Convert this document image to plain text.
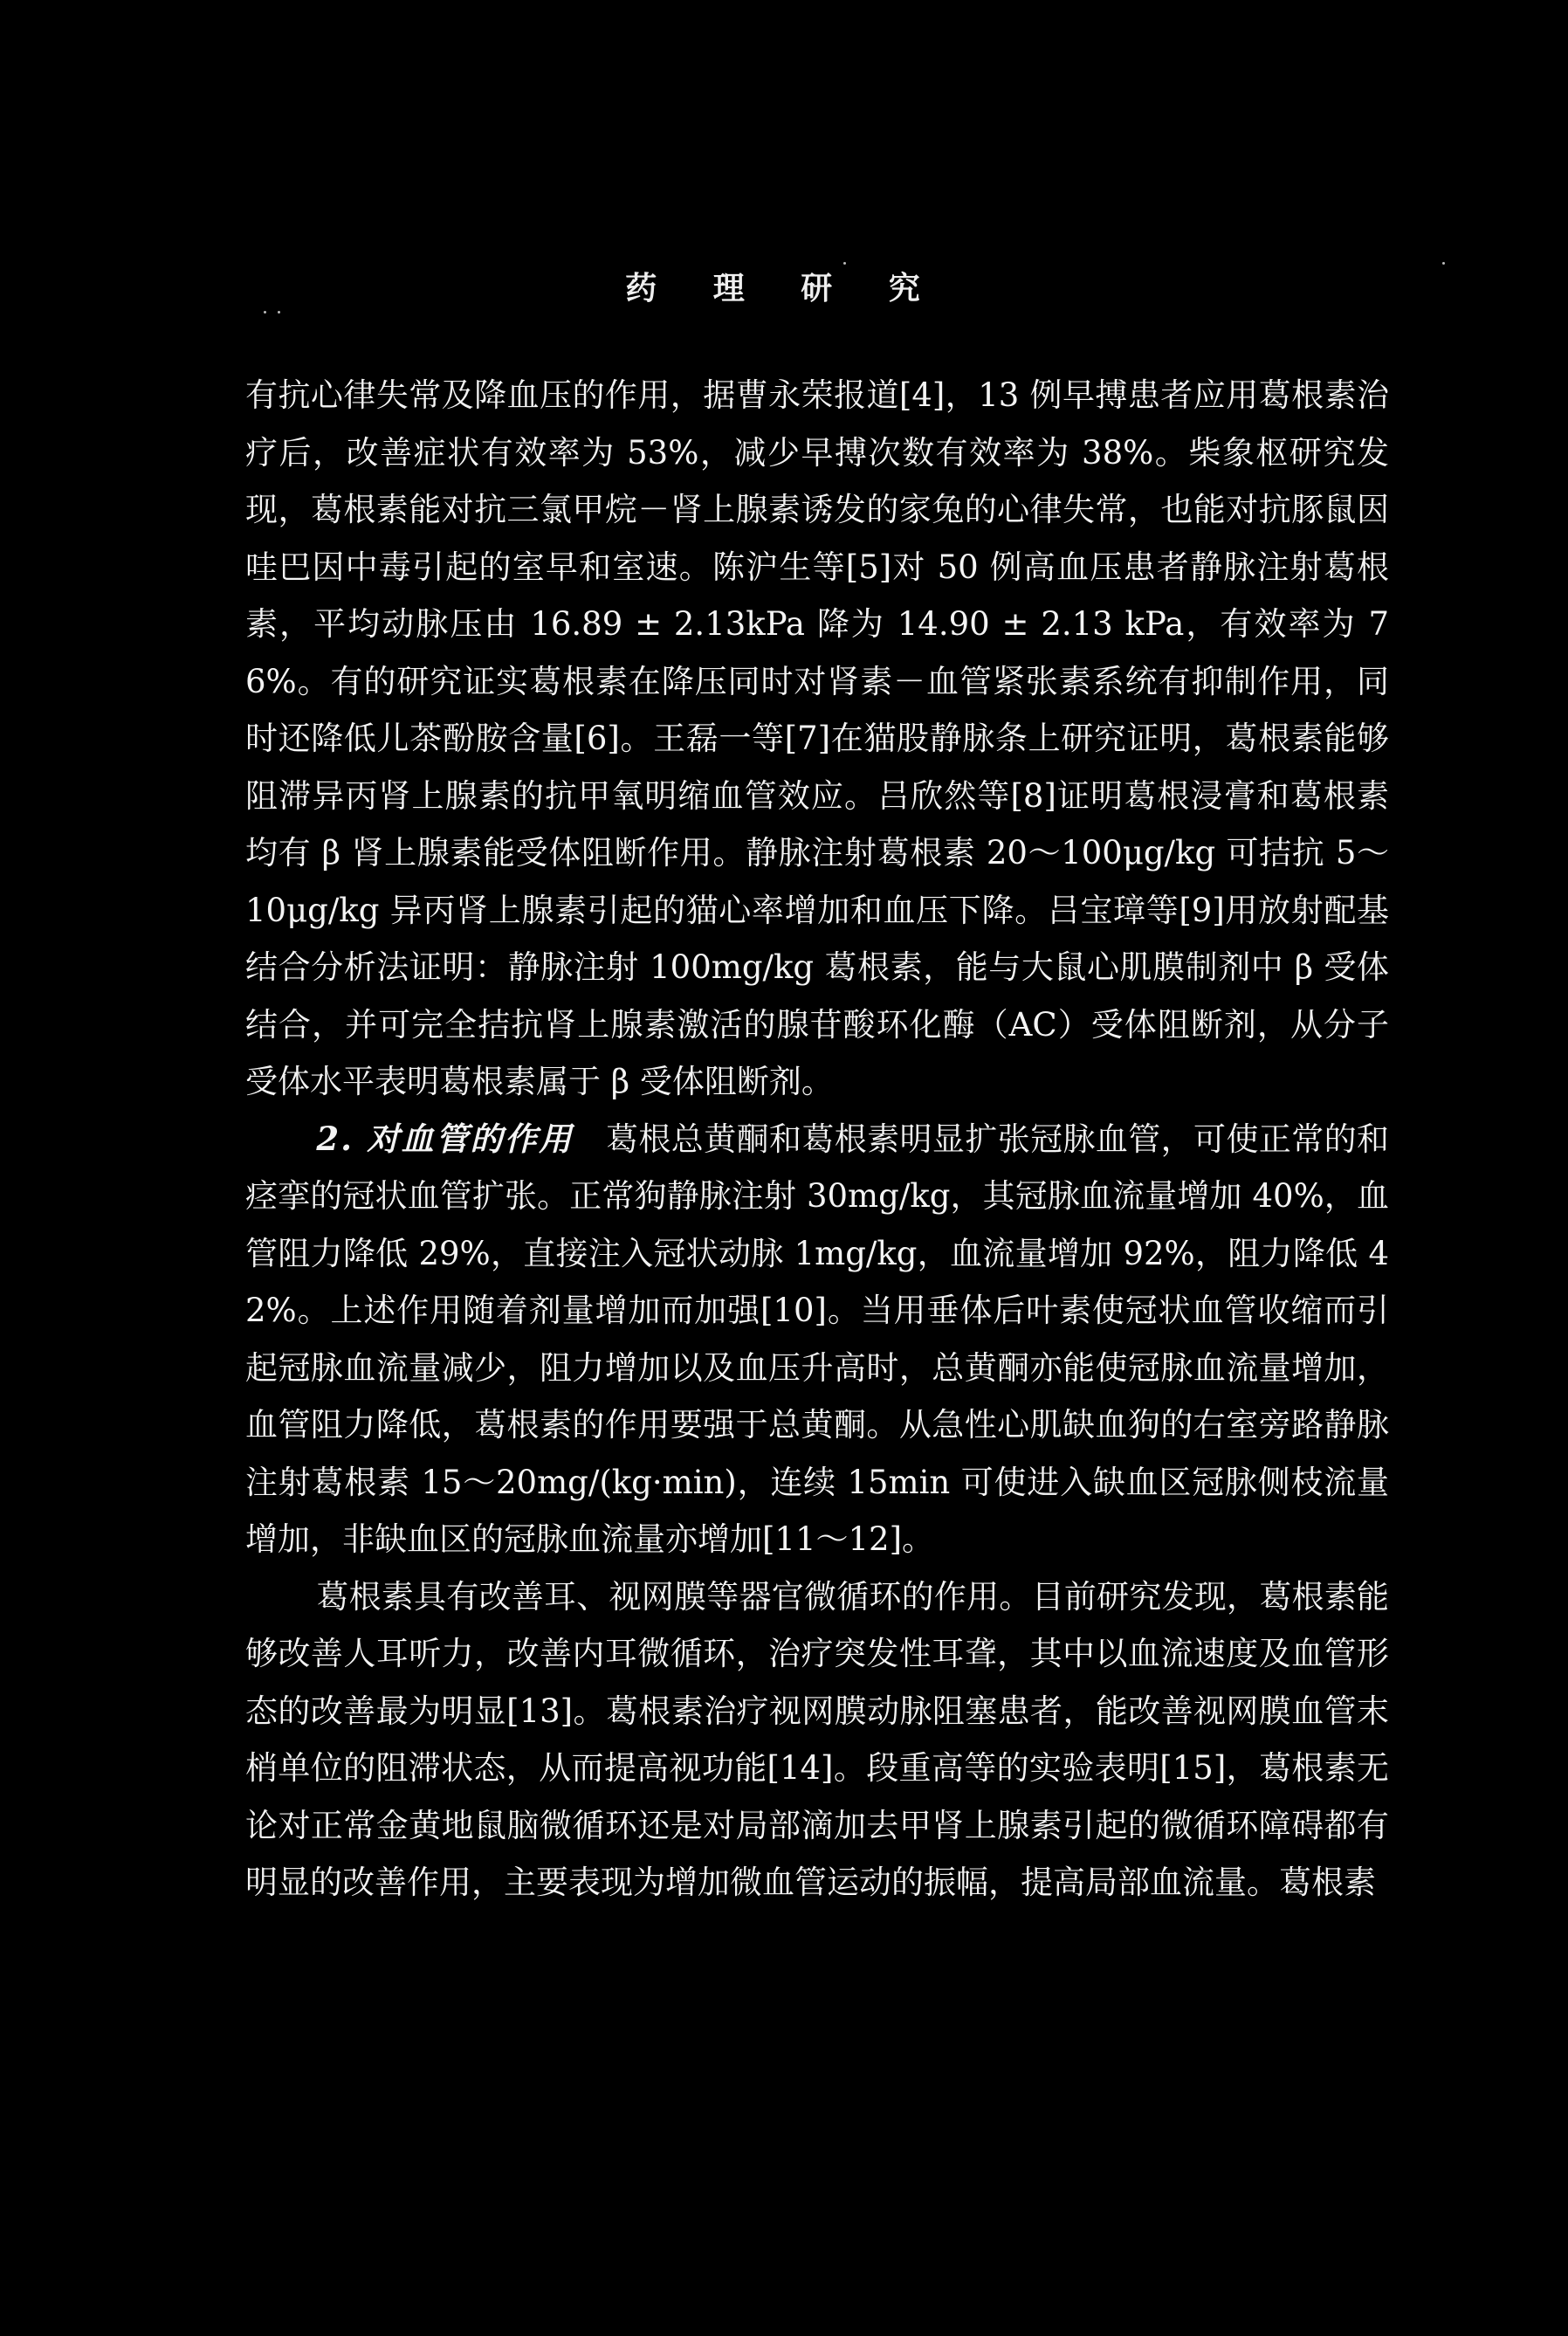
药 理 研 究

有抗心律失常及降血压的作用，据曹永荣报道[4]，13 例早搏患者应用葛根素治疗后，改善症状有效率为 53%，减少早搏次数有效率为 38%。柴象枢研究发现，葛根素能对抗三氯甲烷－肾上腺素诱发的家兔的心律失常，也能对抗豚鼠因哇巴因中毒引起的室早和室速。陈沪生等[5]对 50 例高血压患者静脉注射葛根素，平均动脉压由 16.89 ± 2.13kPa 降为 14.90 ± 2.13 kPa，有效率为 76%。有的研究证实葛根素在降压同时对肾素－血管紧张素系统有抑制作用，同时还降低儿茶酚胺含量[6]。王磊一等[7]在猫股静脉条上研究证明，葛根素能够阻滞异丙肾上腺素的抗甲氧明缩血管效应。吕欣然等[8]证明葛根浸膏和葛根素均有 β 肾上腺素能受体阻断作用。静脉注射葛根素 20～100μg/kg 可拮抗 5～10μg/kg 异丙肾上腺素引起的猫心率增加和血压下降。吕宝璋等[9]用放射配基结合分析法证明：静脉注射 100mg/kg 葛根素，能与大鼠心肌膜制剂中 β 受体结合，并可完全拮抗肾上腺素激活的腺苷酸环化酶（AC）受体阻断剂，从分子受体水平表明葛根素属于 β 受体阻断剂。

2. 对血管的作用　 葛根总黄酮和葛根素明显扩张冠脉血管，可使正常的和痉挛的冠状血管扩张。正常狗静脉注射 30mg/kg，其冠脉血流量增加 40%，血管阻力降低 29%，直接注入冠状动脉 1mg/kg，血流量增加 92%，阻力降低 42%。上述作用随着剂量增加而加强[10]。当用垂体后叶素使冠状血管收缩而引起冠脉血流量减少，阻力增加以及血压升高时，总黄酮亦能使冠脉血流量增加，血管阻力降低，葛根素的作用要强于总黄酮。从急性心肌缺血狗的右室旁路静脉注射葛根素 15～20mg/(kg·min)，连续 15min 可使进入缺血区冠脉侧枝流量增加，非缺血区的冠脉血流量亦增加[11～12]。

葛根素具有改善耳、视网膜等器官微循环的作用。目前研究发现，葛根素能够改善人耳听力，改善内耳微循环，治疗突发性耳聋，其中以血流速度及血管形态的改善最为明显[13]。葛根素治疗视网膜动脉阻塞患者，能改善视网膜血管末梢单位的阻滞状态，从而提高视功能[14]。段重高等的实验表明[15]，葛根素无论对正常金黄地鼠脑微循环还是对局部滴加去甲肾上腺素引起的微循环障碍都有明显的改善作用，主要表现为增加微血管运动的振幅，提高局部血流量。葛根素
